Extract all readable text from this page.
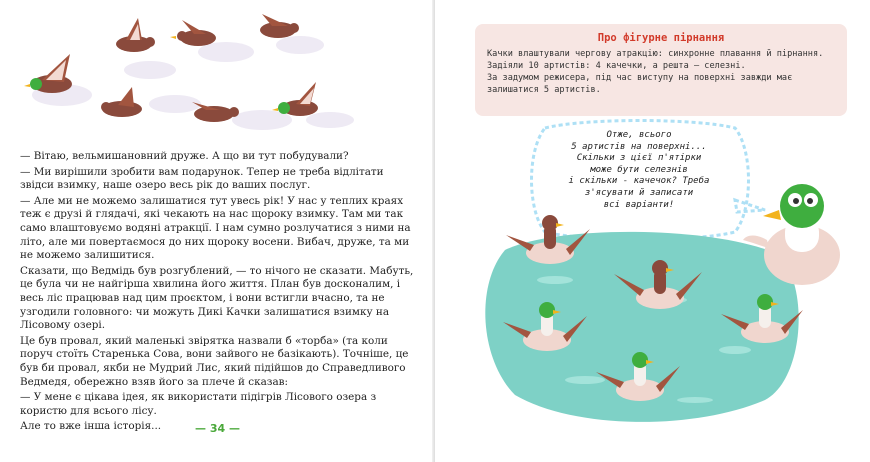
— Вітаю, вельмишановний друже. А що ви тут побудували?

— Ми вирішили зробити вам подарунок. Тепер не треба відлітати звідси взимку, наше озеро весь рік до ваших послуг.

— Але ми не можемо залишатися тут увесь рік! У нас у теплих краях теж є друзі й глядачі, які чекають на нас щороку взимку. Там ми так само влаштовуємо водяні атракції. І нам сумно розлучатися з ними на літо, але ми повертаємося до них щороку восени. Вибач, друже, та ми не можемо залишитися.

Сказати, що Ведмідь був розгублений, — то нічого не сказати. Мабуть, це була чи не найгірша хвилина його життя. План був досконалим, і весь ліс працював над цим проєктом, і вони встигли вчасно, та не узгодили головного: чи можуть Дикі Качки залишатися взимку на Лісовому озері.

Це був провал, який маленькі звірятка назвали б «торба» (та коли поруч стоїть Старенька Сова, вони зайвого не базікають). Точніше, це був би провал, якби не Мудрий Лис, який підійшов до Справедливого Ведмедя, обережно взяв його за плече й сказав:

— У мене є цікава ідея, як використати підігрів Лісового озера з користю для всього лісу.

Але то вже інша історія...	— 34 —
Про фігурне пірнання

Качки влаштували чергову атракцію: синхронне плавання й пірнання.

Задіяли 10 артистів: 4 качечки, а решта — селезні.

За задумом режисера, під час виступу на поверхні завжди має залишатися 5 артистів.

Отже, всього
5 артистів на поверхні...
Скільки з цієї п'ятірки
може бути селезнів
і скільки - качечок? Треба
з'ясувати й записати
всі варіанти!
